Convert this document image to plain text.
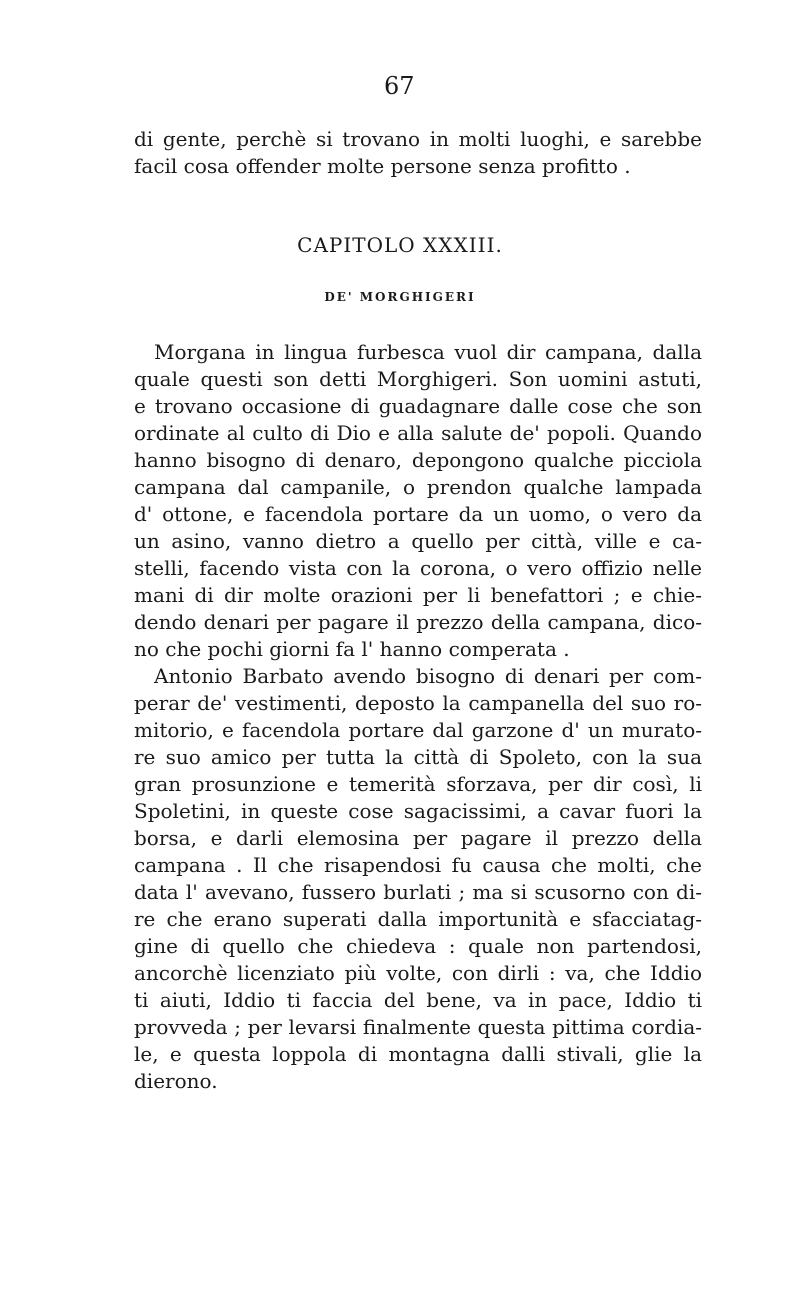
67
di gente, perchè si trovano in molti luoghi, e sarebbe
facil cosa offender molte persone senza profitto .
CAPITOLO XXXIII.
DE' MORGHIGERI
Morgana in lingua furbesca vuol dir campana, dalla
quale questi son detti Morghigeri. Son uomini astuti,
e trovano occasione di guadagnare dalle cose che son
ordinate al culto di Dio e alla salute de' popoli. Quando
hanno bisogno di denaro, depongono qualche picciola
campana dal campanile, o prendon qualche lampada
d' ottone, e facendola portare da un uomo, o vero da
un asino, vanno dietro a quello per città, ville e ca-
stelli, facendo vista con la corona, o vero offizio nelle
mani di dir molte orazioni per li benefattori ; e chie-
dendo denari per pagare il prezzo della campana, dico-
no che pochi giorni fa l' hanno comperata .
Antonio Barbato avendo bisogno di denari per com-
perar de' vestimenti, deposto la campanella del suo ro-
mitorio, e facendola portare dal garzone d' un murato-
re suo amico per tutta la città di Spoleto, con la sua
gran prosunzione e temerità sforzava, per dir così, li
Spoletini, in queste cose sagacissimi, a cavar fuori la
borsa, e darli elemosina per pagare il prezzo della
campana . Il che risapendosi fu causa che molti, che
data l' avevano, fussero burlati ; ma si scusorno con di-
re che erano superati dalla importunità e sfacciatag-
gine di quello che chiedeva : quale non partendosi,
ancorchè licenziato più volte, con dirli : va, che Iddio
ti aiuti, Iddio ti faccia del bene, va in pace, Iddio ti
provveda ; per levarsi finalmente questa pittima cordia-
le, e questa loppola di montagna dalli stivali, glie la
dierono.
